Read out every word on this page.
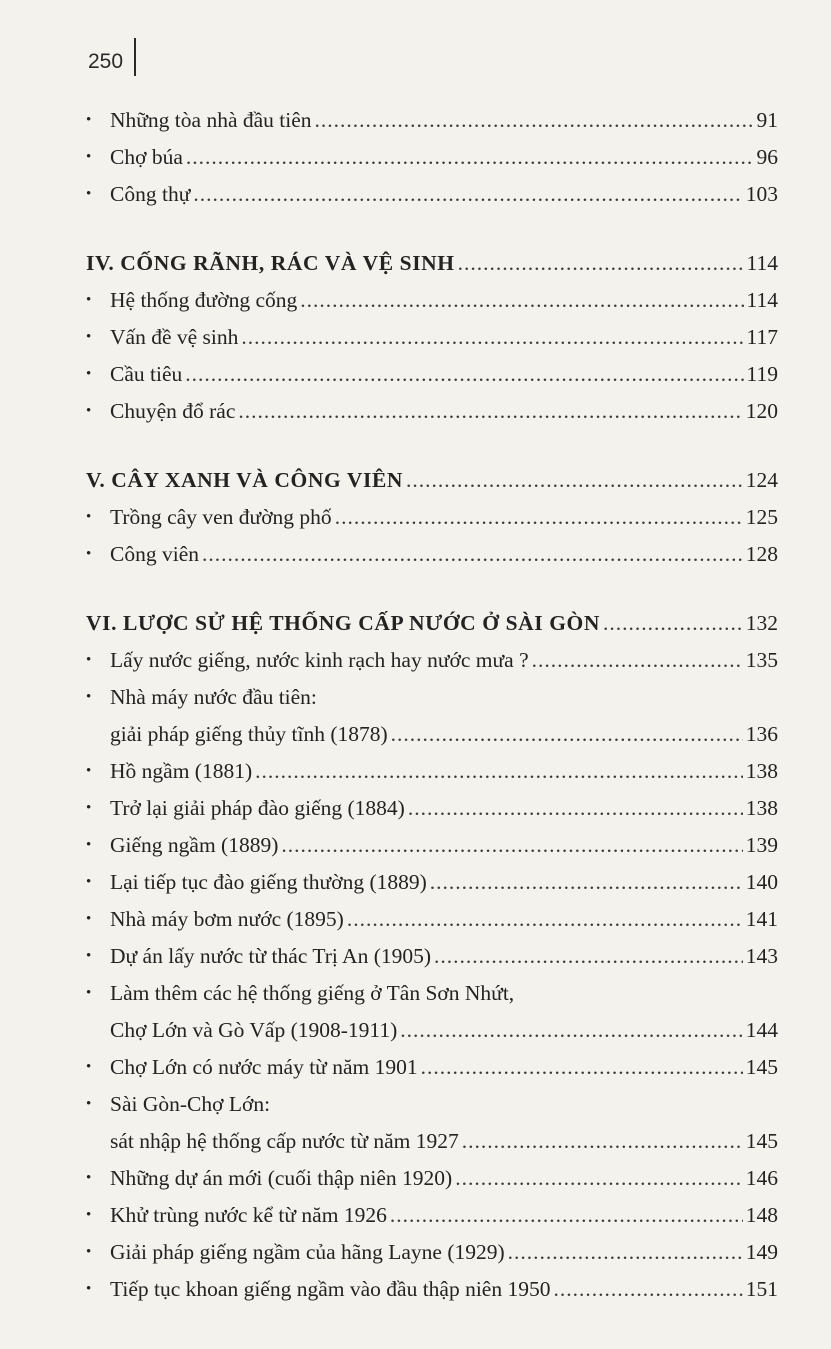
250
• Những tòa nhà đầu tiên .....	91
• Chợ búa .....	96
• Công thự .....	103
IV. CỐNG RÃNH, RÁC VÀ VỆ SINH .....	114
• Hệ thống đường cống .....	114
• Vấn đề vệ sinh .....	117
• Cầu tiêu .....	119
• Chuyện đổ rác .....	120
V. CÂY XANH VÀ CÔNG VIÊN .....	124
• Trồng cây ven đường phố .....	125
• Công viên .....	128
VI. LƯỢC SỬ HỆ THỐNG CẤP NƯỚC Ở SÀI GÒN .....	132
• Lấy nước giếng, nước kinh rạch hay nước mưa ? .....	135
• Nhà máy nước đầu tiên:
giải pháp giếng thủy tĩnh (1878) .....	136
• Hồ ngầm (1881) .....	138
• Trở lại giải pháp đào giếng (1884) .....	138
• Giếng ngầm (1889) .....	139
• Lại tiếp tục đào giếng thường (1889) .....	140
• Nhà máy bơm nước (1895) .....	141
• Dự án lấy nước từ thác Trị An (1905) .....	143
• Làm thêm các hệ thống giếng ở Tân Sơn Nhứt,
Chợ Lớn và Gò Vấp (1908-1911) .....	144
• Chợ Lớn có nước máy từ năm 1901 .....	145
• Sài Gòn-Chợ Lớn:
sát nhập hệ thống cấp nước từ năm 1927 .....	145
• Những dự án mới (cuối thập niên 1920) .....	146
• Khử trùng nước kể từ năm 1926 .....	148
• Giải pháp giếng ngầm của hãng Layne (1929) .....	149
• Tiếp tục khoan giếng ngầm vào đầu thập niên 1950 .....	151
